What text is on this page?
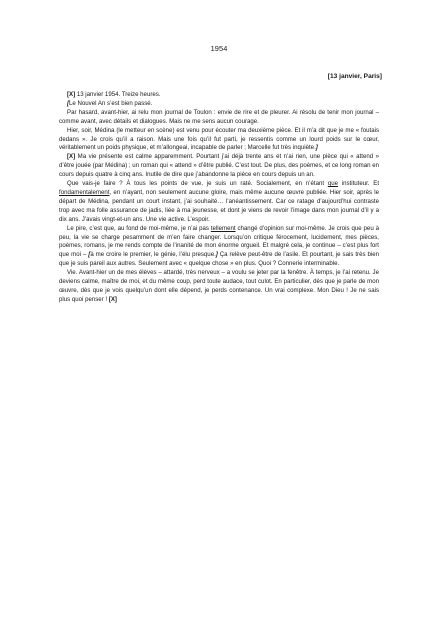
1954
[13 janvier, Paris]

[X] 13 janvier 1954. Treize heures.

[Le Nouvel An s’est bien passé.

Par hasard, avant-hier, ai relu mon journal de Toulon : envie de rire et de pleurer. Ai résolu de tenir mon journal – comme avant, avec détails et dialogues. Mais ne me sens aucun courage.

Hier, soir, Médina (le metteur en scène) est venu pour écouter ma deuxième pièce. Et il m’a dit que je me « foutais dedans ». Je crois qu’il a raison. Mais une fois qu’il fut parti, je ressentis comme un lourd poids sur le cœur, véritablement un poids physique, et m’allongeai, incapable de parler ; Marcelle fut très inquiète.]

[X] Ma vie présente est calme apparemment. Pourtant j’ai déjà trente ans et n’ai rien, une pièce qui « attend » d’être jouée (par Médina) ; un roman qui « attend » d’être publié. C’est tout. De plus, des poèmes, et ce long roman en cours depuis quatre à cinq ans. Inutile de dire que j’abandonne la pièce en cours depuis un an.

Que vais-je faire ? À tous les points de vue, je suis un raté. Socialement, en n’étant que instituteur. Et fondamentalement, en n’ayant, non seulement aucune gloire, mais même aucune œuvre publiée. Hier soir, après le départ de Médina, pendant un court instant, j’ai souhaité… l’anéantissement. Car ce ratage d’aujourd’hui contraste trop avec ma folle assurance de jadis, liée à ma jeunesse, et dont je viens de revoir l’image dans mon journal d’il y a dix ans. J’avais vingt-et-un ans. Une vie active. L’espoir.

Le pire, c’est que, au fond de moi-même, je n’ai pas tellement changé d’opinion sur moi-même. Je crois que peu à peu, la vie se charge pesamment de m’en faire changer. Lorsqu’on critique férocement, lucidement, mes pièces, poèmes, romans, je me rends compte de l’inanité de mon énorme orgueil. Et malgré cela, je continue – c’est plus fort que moi – [à me croire le premier, le génie, l’élu presque.] Ça relève peut-être de l’asile. Et pourtant, je sais très bien que je suis pareil aux autres. Seulement avec « quelque chose » en plus. Quoi ? Connerie interminable.

Vie. Avant-hier un de mes élèves – attardé, très nerveux – a voulu se jeter par la fenêtre. À temps, je l’ai retenu. Je deviens calme, maître de moi, et du même coup, perd toute audace, tout culot. En particulier, dès que je parle de mon œuvre, dès que je vois quelqu’un dont elle dépend, je perds contenance. Un vrai complexe. Mon Dieu ! Je ne sais plus quoi penser ! [X]
